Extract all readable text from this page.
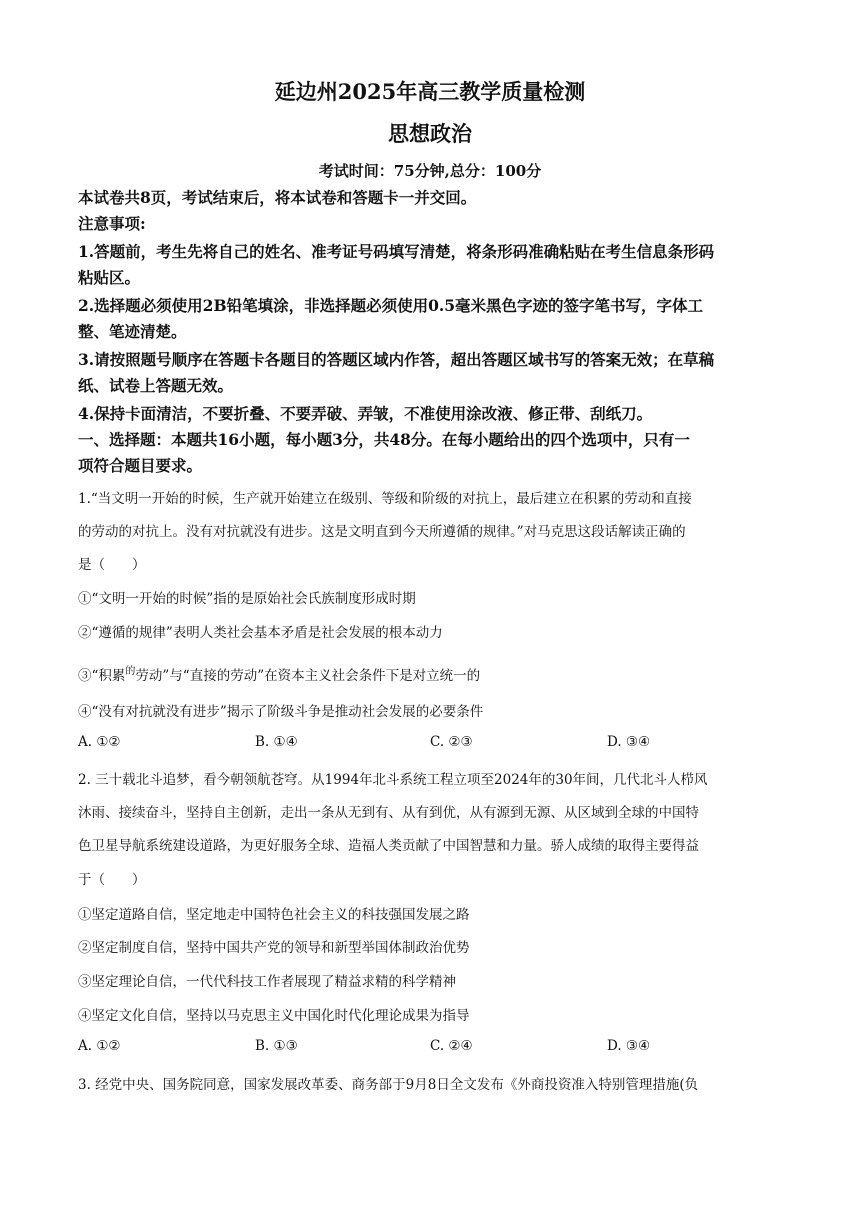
延边州2025年高三教学质量检测
思想政治
考试时间：75分钟,总分：100分
本试卷共8页，考试结束后，将本试卷和答题卡一并交回。
注意事项:
1.答题前，考生先将自己的姓名、准考证号码填写清楚，将条形码准确粘贴在考生信息条形码
粘贴区。
2.选择题必须使用2B铅笔填涂，非选择题必须使用0.5毫米黑色字迹的签字笔书写，字体工
整、笔迹清楚。
3.请按照题号顺序在答题卡各题目的答题区域内作答，超出答题区域书写的答案无效；在草稿
纸、试卷上答题无效。
4.保持卡面清洁，不要折叠、不要弄破、弄皱，不准使用涂改液、修正带、刮纸刀。
一、选择题：本题共16小题，每小题3分，共48分。在每小题给出的四个选项中，只有一
项符合题目要求。
1.“当文明一开始的时候，生产就开始建立在级别、等级和阶级的对抗上，最后建立在积累的劳动和直接
的劳动的对抗上。没有对抗就没有进步。这是文明直到今天所遵循的规律。”对马克思这段话解读正确的
是（　　）
①“文明一开始的时候”指的是原始社会氏族制度形成时期
②“遵循的规律”表明人类社会基本矛盾是社会发展的根本动力
③“积累$^的$劳动”与“直接的劳动”在资本主义社会条件下是对立统一的
④“没有对抗就没有进步”揭示了阶级斗争是推动社会发展的必要条件
A. ①②	B. ①④	C. ②③	D. ③④
2. 三十载北斗追梦，看今朝领航苍穹。从1994年北斗系统工程立项至2024年的30年间，几代北斗人栉风
沐雨、接续奋斗，坚持自主创新，走出一条从无到有、从有到优，从有源到无源、从区域到全球的中国特
色卫星导航系统建设道路，为更好服务全球、造福人类贡献了中国智慧和力量。骄人成绩的取得主要得益
于（　　）
①坚定道路自信，坚定地走中国特色社会主义的科技强国发展之路
②坚定制度自信，坚持中国共产党的领导和新型举国体制政治优势
③坚定理论自信，一代代科技工作者展现了精益求精的科学精神
④坚定文化自信，坚持以马克思主义中国化时代化理论成果为指导
A. ①②	B. ①③	C. ②④	D. ③④
3. 经党中央、国务院同意，国家发展改革委、商务部于9月8日全文发布《外商投资准入特别管理措施(负
